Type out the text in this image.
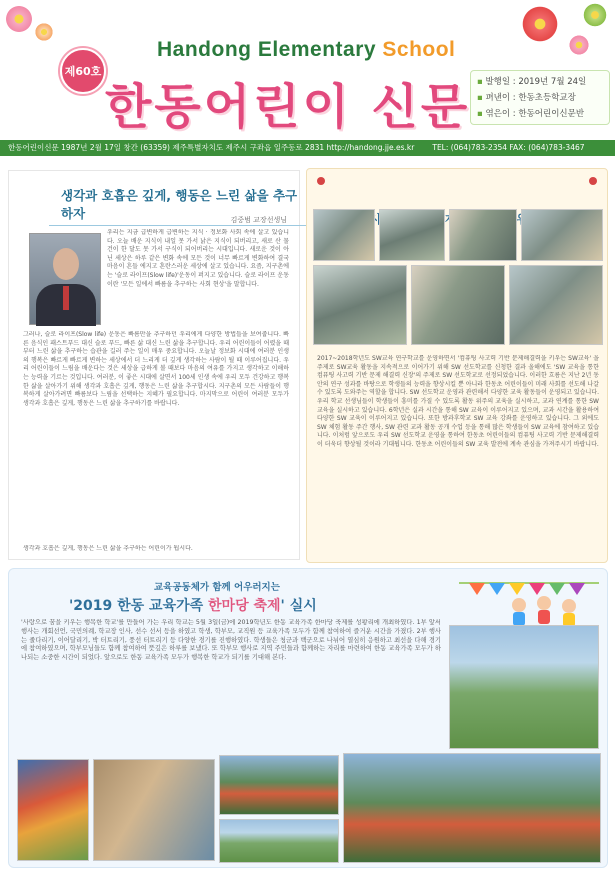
제60호
Handong Elementary School
한동어린이 신문
▪	발행일 : 2019년 7월 24일
▪ 펴낸이 : 한동초등학교장
▪ 엮은이 : 한동어린이신문반
한동어린이신문 1987년 2월 17일 창간 (63359) 제주특별자치도 제주시 구좌읍 일주동로 2831 http://handong.jje.es.kr TEL: (064)783-2354 FAX: (064)783-3467
생각과 호흡은 깊게, 행동은 느린 삶을 추구하자	김중범 교장선생님
우리는 지금 급변하게 급변하는 지식 · 정보화 사회 속에 살고 있습니다. 오늘 배운 지식이 내일 못 가서 낡은 지식이 되버리고, 새로 산 물건이 한 달도 못 가서 구식이 되어버리는 시대입니다. 새로운 것이 아닌 세상은 하루 같은 변화 속에 모든 것이 너무 빠르게 변화하여 결국 마음이 흔들 에지고 혼란스러운 세상에 살고 있습니다. 요즘, 지구촌에는 '슬로 라이프(Slow life)'운동이 퍼지고 있습니다. 슬로 라이프 운동이란 '모든 일에서 빠름을 추구하는 사회 현상'을 말합니다.
그러나, 슬로 라이프(Slow life) 운동은 빠름만을 추구하던 우리에게 다양한 방법들을 보여줍니다. 빠른 음식인 패스트푸드 대신 슬로 푸드, 빠른 삶 대신 느린 삶을 추구합니다. 우리 어린이들이 어렸을 때부터 느린 삶을 추구하는 습관을 길러 주는 일이 매우 중요합니다. 오늘날 정보화 시대에 여러분 인생의 행복은 빠르게 빠르게 변하는 세상에서 더 느리게 더 깊게 생각하는 사람이 될 때 이루어집니다. 우리 어린이들이 느림을 배운다는 것은 세상을 급하게 볼 때보다 마음의 여유를 가지고 생각하고 이해하는 능력을 기르는 것입니다. 여러분, 이 좋은 시대에 살면서 100세 인생 속에 우리 모두 건강하고 행복한 삶을 살아가기 위해 생각과 호흡은 깊게, 행동은 느린 삶을 추구합시다. 지구촌의 모든 사람들이 행복하게 살아가려면 빠름보다 느림을 선택하는 지혜가 필요합니다. 마지막으로 어린이 여러분 모두가 생각과 호흡은 깊게, 행동은 느린 삶을 추구하기를 바랍니다.
생각과 호흡은 깊게, 행동은 느린 삶을 추구하는 어린이가 됩시다.
2017~2018학년도 SW교육 연구학교를 운영하면서 '컴퓨팅 사고력 기반 문제해결력을 키우는 SW교육' 을 주제로 SW교육 활동을 지속적으로 이어가기 위해 SW 선도학교를 신청한 결과 올해에도 'SW 교육을 통한 컴퓨팅 사고력 기반 문제 해결력 신장'의 주제로 SW 선도학교로 선정되었습니다. 이러한 흐름은 지난 2년 동안의 연구 성과를 바탕으로 학생들의 능력을 향상시킬 뿐 아니라 한동초 어린이들이 미래 사회를 선도해 나갈 수 있도록 도와주는 역할을 합니다. SW 선도학교 운영과 관련해서 다양한 교육 활동들이 운영되고 있습니다. 우리 학교 선생님들이 학생들이 흥미를 가질 수 있도록 활동 위주의 교육을 실시하고, 교과 연계를 통한 SW 교육을 실시하고 있습니다. 6학년은 실과 시간을 통해 SW 교육이 이루어지고 있으며, 교과 시간을 활용하여 다양한 SW 교육이 이루어지고 있습니다. 또한 방과후학교 SW 교육 강좌를 운영하고 있습니다. 그 외에도 SW 체험 활동 주간 행사, SW 관련 교과 활동 공개 수업 등을 통해 많은 학생들이 SW 교육에 참여하고 있습니다. 이처럼 앞으로도 우리 SW 선도학교 운영을 통하여 한동초 어린이들의 컴퓨팅 사고력 기반 문제해결력이 더욱더 향상될 것이라 기대됩니다. 한동초 어린이들의 SW 교육 발전에 계속 관심을 가져주시기 바랍니다.
교육공동체가 함께 어우러지는
'2019 한동 교육가족 한마당 축제' 실시
'사랑으로 꿈을 키우는 행복한 학교'를 만들어 가는 우리 학교는 5월 3일(금)에 2019학년도 한동 교육가족 한마당 축제를 성황리에 개최하였다. 1부 앞서 행사는 개회선언, 국민의례, 학교장 인사, 선수 선서 등을 하였고 학생, 학부모, 교직원 등 교육가족 모두가 함께 참여하여 즐거운 시간을 가졌다. 2부 행사는 줄다리기, 이어달리기, 박 터트리기, 풍선 터트리기 등 다양한 경기를 진행하였다. 학생들은 청군과 백군으로 나뉘어 열심히 응원하고 최선을 다해 경기에 참여하였으며, 학부모님들도 함께 참여하여 뜻깊은 하루를 보냈다. 또 학부모 행사로 지역 주민들과 함께하는 자리를 마련하여 한동 교육가족 모두가 하나되는 소중한 시간이 되었다. 앞으로도 한동 교육가족 모두가 행복한 학교가 되기를 기대해 본다.
